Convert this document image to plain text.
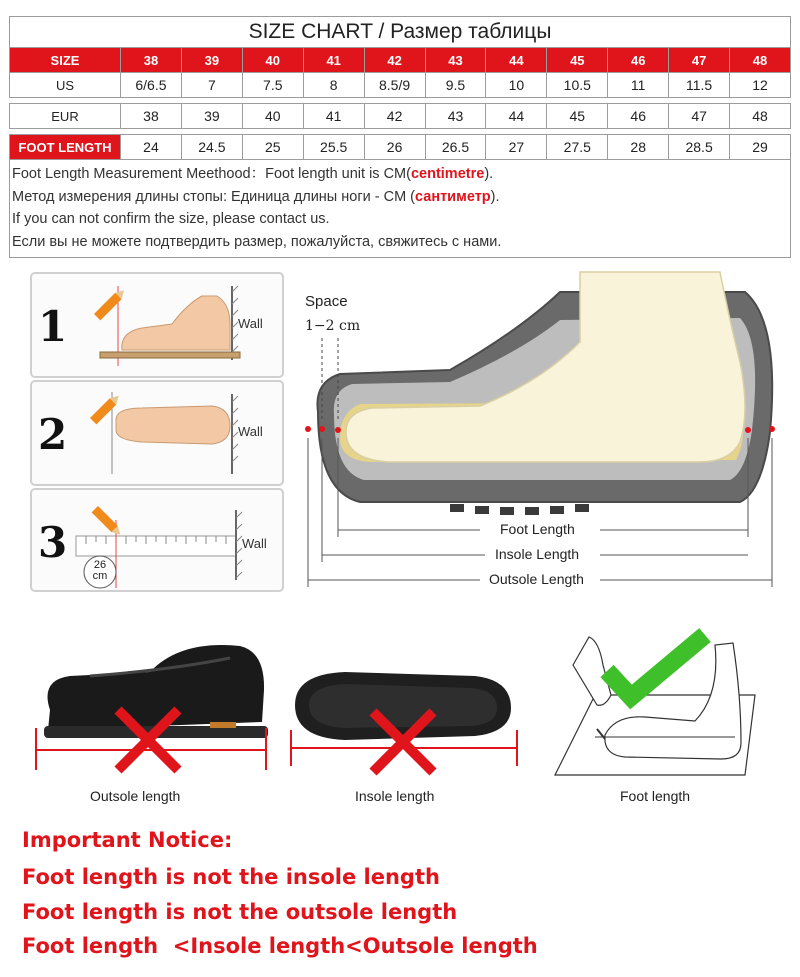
SIZE CHART / Размер таблицы
SIZE	38	39	40	41	42	43	44	45	46	47	48
US	6/6.5	7	7.5	8	8.5/9	9.5	10	10.5	11	11.5	12

EUR	38	39	40	41	42	43	44	45	46	47	48

FOOT LENGTH	24	24.5	25	25.5	26	26.5	27	27.5	28	28.5	29
Foot Length Measurement Meethood：Foot length unit is CM(centimetre).
Метод измерения длины стопы: Единица длины ноги - CM (сантиметр).
If you can not confirm the size, please contact us.
Если вы не можете подтвердить размер, пожалуйста, свяжитесь с нами.
1	Wall
2	Wall
3	26
cm
Wall
Space
1−2 cm
Foot Length
Insole Length
Outsole Length
Outsole length	Insole length	Foot length
Important Notice:
Foot length is not the insole length
Foot length is not the outsole length
Foot length  <Insole length<Outsole length
